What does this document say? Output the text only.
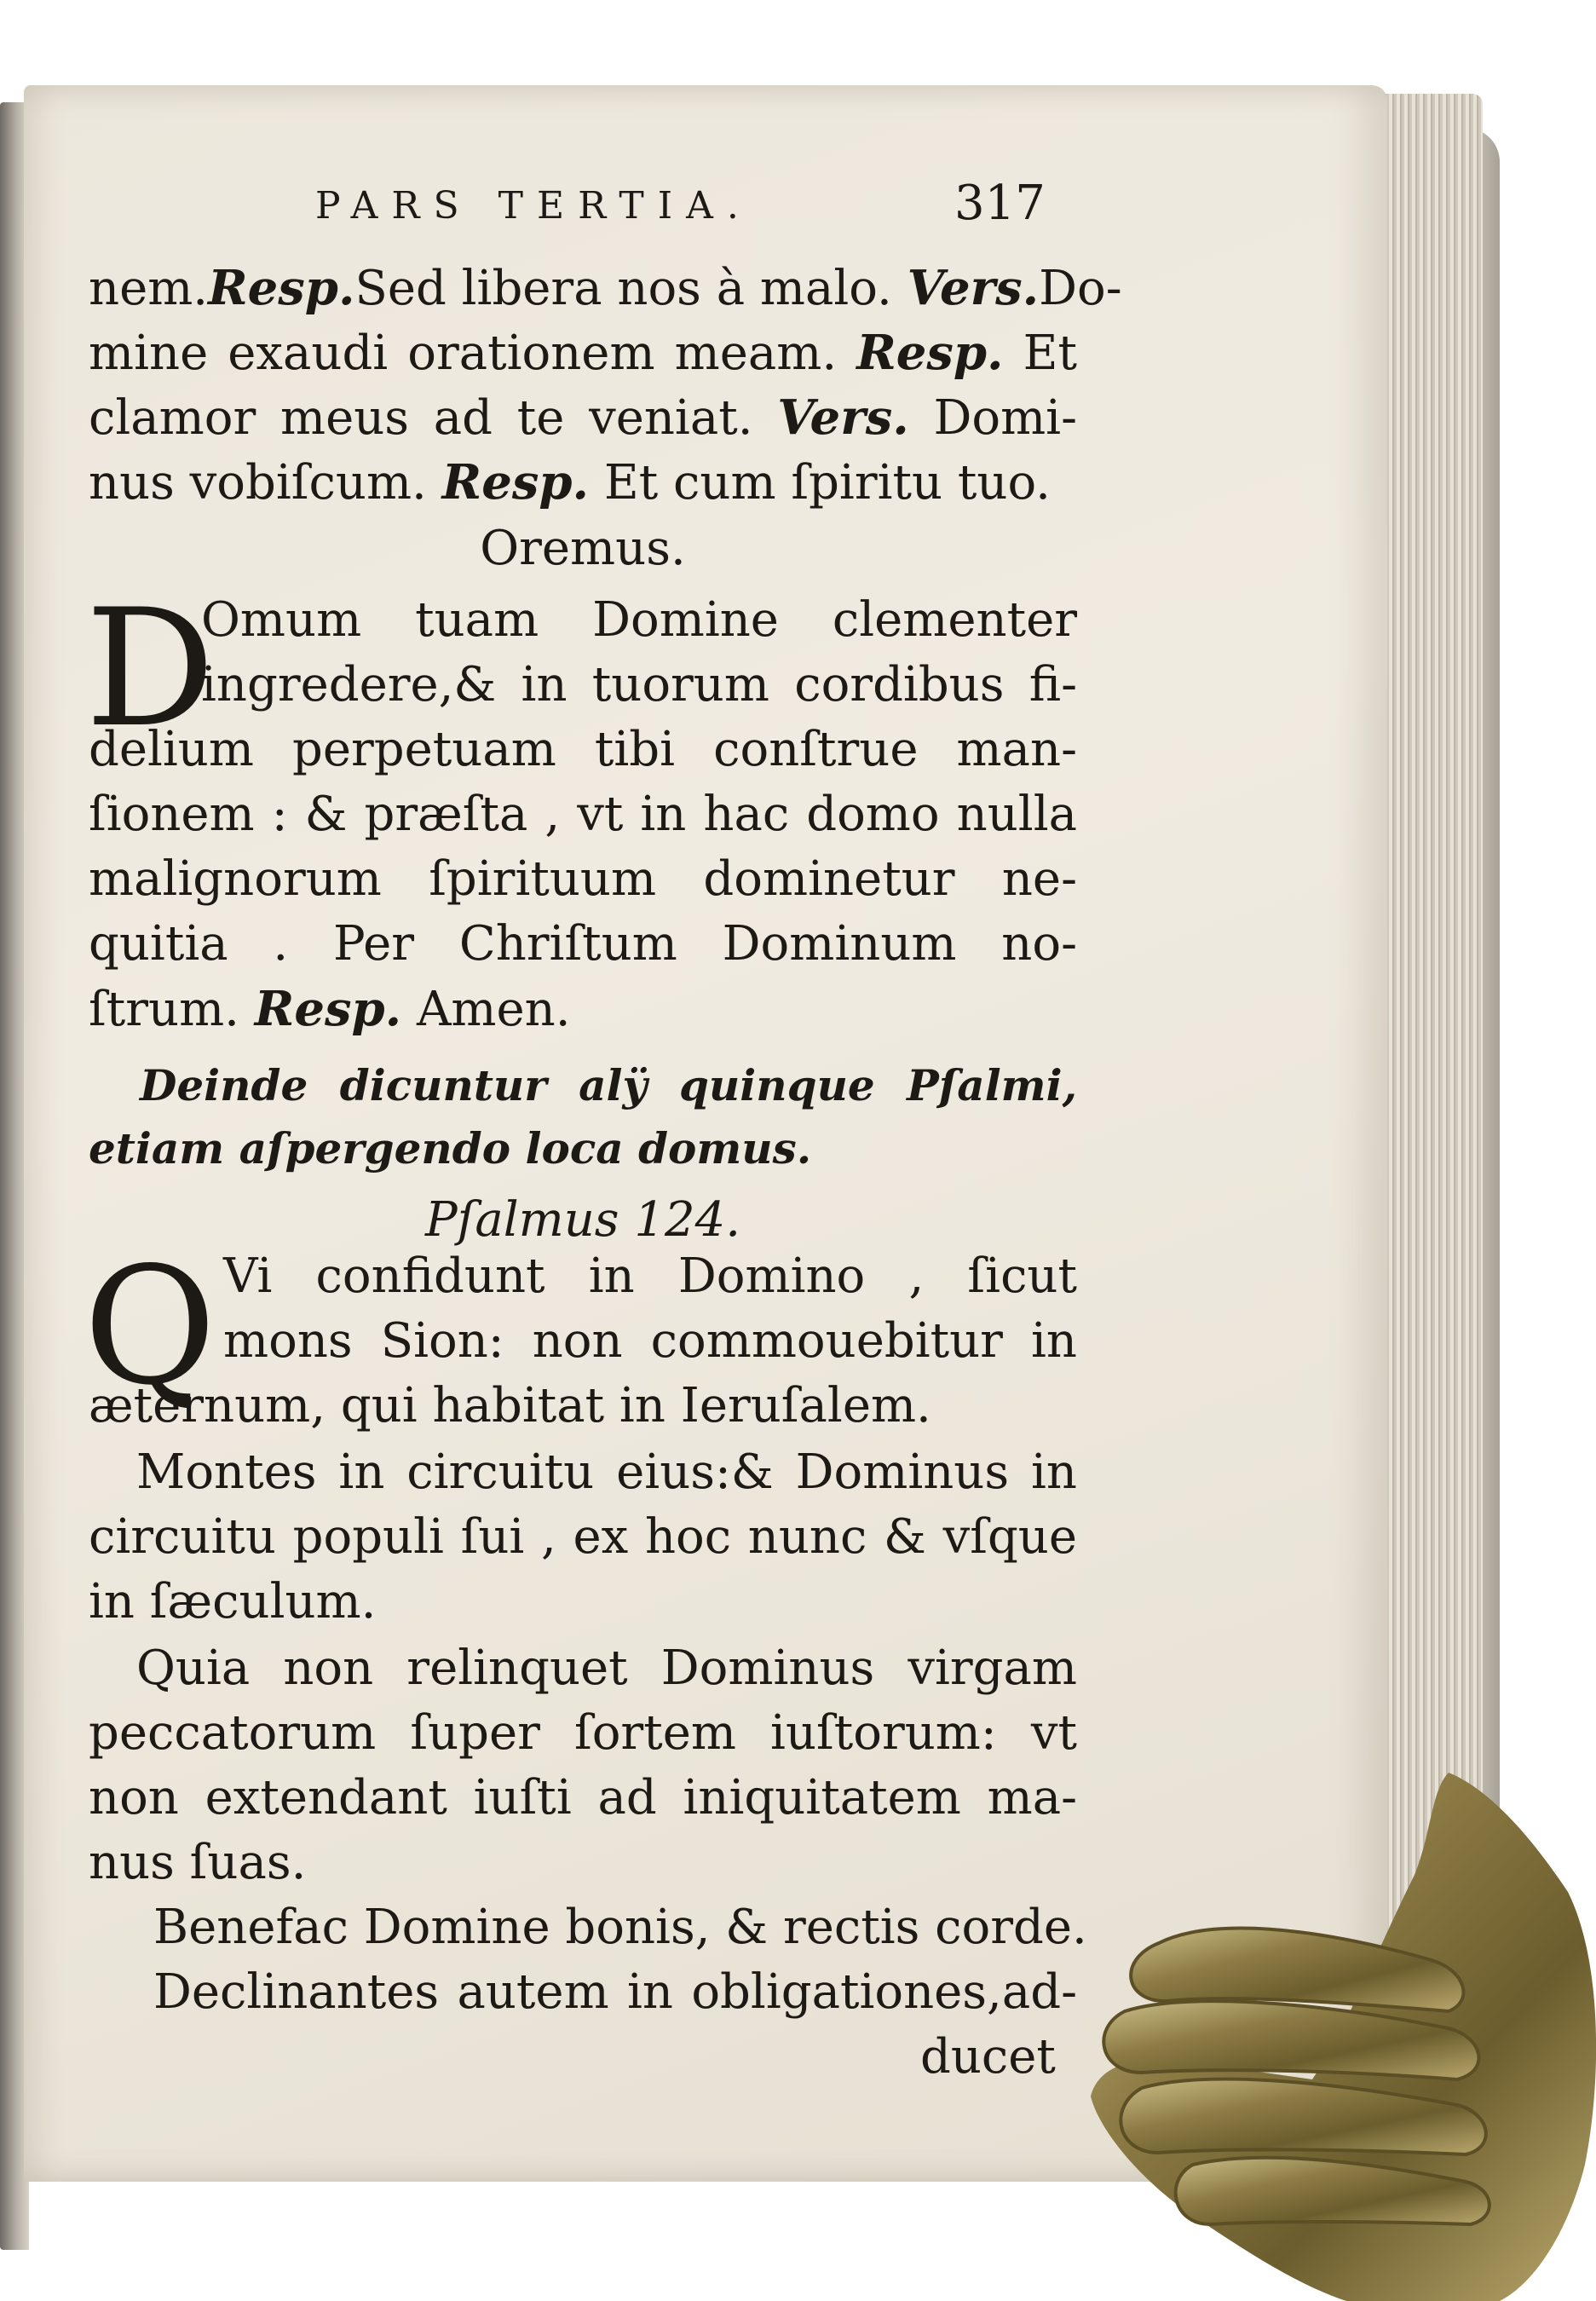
PARS TERTIA.	317
nem.Resp.Sed libera nos à malo. Vers.Do-
mine exaudi orationem meam. Resp. Et
clamor meus ad te veniat. Vers. Domi-
nus vobiſcum. Resp. Et cum ſpiritu tuo.
Oremus.
D
Omum tuam Domine clementer
ingredere,& in tuorum cordibus fi-
delium perpetuam tibi conſtrue man-
ſionem : & præſta , vt in hac domo nulla
malignorum ſpirituum dominetur ne-
quitia . Per Chriſtum Dominum no-
ſtrum. Resp. Amen.
Deinde dicuntur alÿ quinque Pſalmi,
etiam aſpergendo loca domus.
Pſalmus 124.
Q Vi confidunt in Domino , ſicut
mons Sion: non commouebitur in
æternum, qui habitat in Ieruſalem.
Montes in circuitu eius:& Dominus in
circuitu populi ſui , ex hoc nunc & vſque
in ſæculum.
Quia non relinquet Dominus virgam
peccatorum ſuper ſortem iuſtorum: vt
non extendant iuſti ad iniquitatem ma-
nus ſuas.
Benefac Domine bonis, & rectis corde.
Declinantes autem in obligationes,ad-
ducet
